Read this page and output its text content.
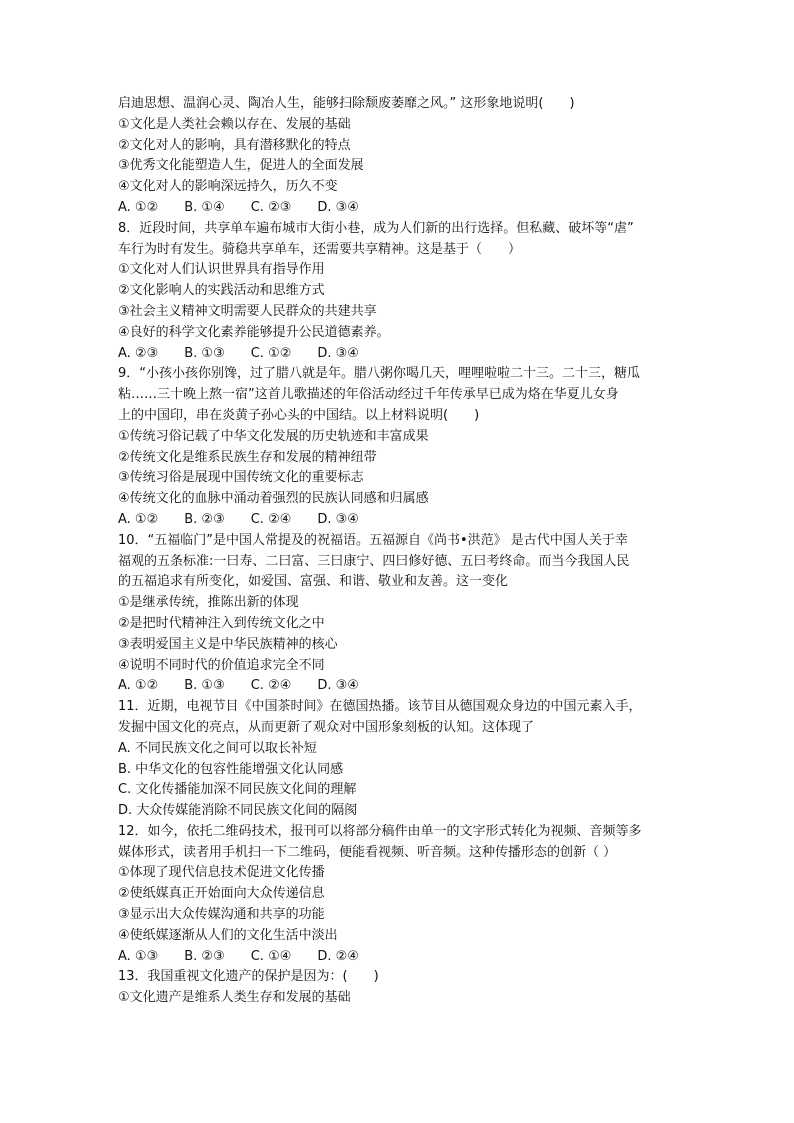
启迪思想、温润心灵、陶冶人生，能够扫除颓废萎靡之风。” 这形象地说明(　　)
①文化是人类社会赖以存在、发展的基础
②文化对人的影响，具有潜移默化的特点
③优秀文化能塑造人生，促进人的全面发展
④文化对人的影响深远持久，历久不变
A. ①②　　B. ①④　　C. ②③　　D. ③④
8．近段时间，共享单车遍布城市大街小巷，成为人们新的出行选择。但私藏、破坏等“虐”
车行为时有发生。骑稳共享单车，还需要共享精神。这是基于（　　）
①文化对人们认识世界具有指导作用
②文化影响人的实践活动和思维方式
③社会主义精神文明需要人民群众的共建共享
④良好的科学文化素养能够提升公民道德素养。
A. ②③　　B. ①③　　C. ①②　　D. ③④
9．“小孩小孩你别馋，过了腊八就是年。腊八粥你喝几天，哩哩啦啦二十三。二十三，糖瓜
粘……三十晚上熬一宿”这首儿歌描述的年俗活动经过千年传承早已成为烙在华夏儿女身
上的中国印，串在炎黄子孙心头的中国结。以上材料说明(　　)
①传统习俗记载了中华文化发展的历史轨迹和丰富成果
②传统文化是维系民族生存和发展的精神纽带
③传统习俗是展现中国传统文化的重要标志
④传统文化的血脉中涌动着强烈的民族认同感和归属感
A. ①②　　B. ②③　　C. ②④　　D. ③④
10．“五福临门”是中国人常提及的祝福语。五福源自《尚书•洪范》 是古代中国人关于幸
福观的五条标准:一曰寿、二曰富、三曰康宁、四曰修好德、五曰考终命。而当今我国人民
的五福追求有所变化，如爱国、富强、和谐、敬业和友善。这一变化
①是继承传统，推陈出新的体现
②是把时代精神注入到传统文化之中
③表明爱国主义是中华民族精神的核心
④说明不同时代的价值追求完全不同
A. ①②　　B. ①③　　C. ②④　　D. ③④
11．近期，电视节目《中国茶时间》在德国热播。该节目从德国观众身边的中国元素入手，
发掘中国文化的亮点，从而更新了观众对中国形象刻板的认知。这体现了
A. 不同民族文化之间可以取长补短
B. 中华文化的包容性能增强文化认同感
C. 文化传播能加深不同民族文化间的理解
D. 大众传媒能消除不同民族文化间的隔阂
12．如今，依托二维码技术，报刊可以将部分稿件由单一的文字形式转化为视频、音频等多
媒体形式，读者用手机扫一下二维码，便能看视频、听音频。这种传播形态的创新（ ）
①体现了现代信息技术促进文化传播
②使纸媒真正开始面向大众传递信息
③显示出大众传媒沟通和共享的功能
④使纸媒逐渐从人们的文化生活中淡出
A. ①③　　B. ②③　　C. ①④　　D. ②④
13．我国重视文化遗产的保护是因为：(　　)
①文化遗产是维系人类生存和发展的基础
